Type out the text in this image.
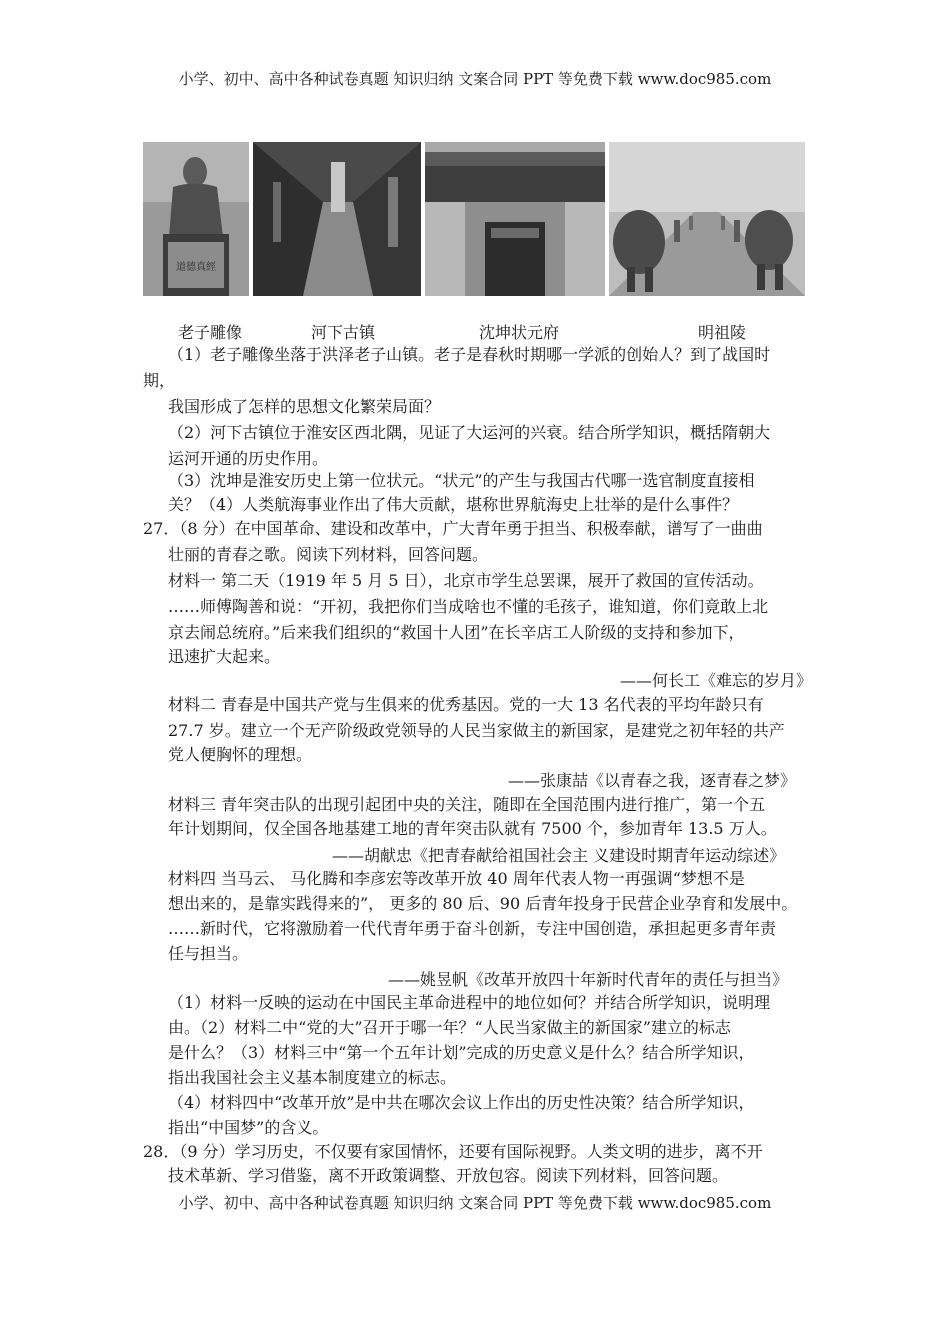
小学、初中、高中各种试卷真题 知识归纳 文案合同 PPT 等免费下载 www.doc985.com
道德真經
老子雕像	河下古镇	沈坤状元府	明祖陵
（1）老子雕像坐落于洪泽老子山镇。老子是春秋时期哪一学派的创始人？到了战国时
期，
我国形成了怎样的思想文化繁荣局面？
（2）河下古镇位于淮安区西北隅，见证了大运河的兴衰。结合所学知识，概括隋朝大
运河开通的历史作用。
（3）沈坤是淮安历史上第一位状元。“状元”的产生与我国古代哪一选官制度直接相
关？（4）人类航海事业作出了伟大贡献，堪称世界航海史上壮举的是什么事件？
27．（8 分）在中国革命、建设和改革中，广大青年勇于担当、积极奉献，谱写了一曲曲
壮丽的青春之歌。阅读下列材料，回答问题。
材料一 第二天（1919 年 5 月 5 日），北京市学生总罢课，展开了救国的宣传活动。
……师傅陶善和说：“开初，我把你们当成啥也不懂的毛孩子，谁知道，你们竟敢上北
京去闹总统府。”后来我们组织的“救国十人团”在长辛店工人阶级的支持和参加下，
迅速扩大起来。
——何长工《难忘的岁月》
材料二 青春是中国共产党与生俱来的优秀基因。党的一大 13 名代表的平均年龄只有
27.7 岁。建立一个无产阶级政党领导的人民当家做主的新国家，是建党之初年轻的共产
党人便胸怀的理想。
——张康喆《以青春之我，逐青春之梦》
材料三 青年突击队的出现引起团中央的关注，随即在全国范围内进行推广，第一个五
年计划期间，仅全国各地基建工地的青年突击队就有 7500 个，参加青年 13.5 万人。
——胡献忠《把青春献给祖国社会主 义建设时期青年运动综述》
材料四 当马云、 马化腾和李彦宏等改革开放 40 周年代表人物一再强调“梦想不是
想出来的，是靠实践得来的”， 更多的 80 后、90 后青年投身于民营企业孕育和发展中。
……新时代，它将激励着一代代青年勇于奋斗创新，专注中国创造，承担起更多青年责
任与担当。
——姚昱帆《改革开放四十年新时代青年的责任与担当》
（1）材料一反映的运动在中国民主革命进程中的地位如何？并结合所学知识，说明理
由。（2）材料二中“党的大”召开于哪一年？“人民当家做主的新国家”建立的标志
是什么？（3）材料三中“第一个五年计划”完成的历史意义是什么？结合所学知识，
指出我国社会主义基本制度建立的标志。
（4）材料四中“改革开放”是中共在哪次会议上作出的历史性决策？结合所学知识，
指出“中国梦”的含义。
28．（9 分）学习历史，不仅要有家国情怀，还要有国际视野。人类文明的进步，离不开
技术革新、学习借鉴，离不开政策调整、开放包容。阅读下列材料，回答问题。
小学、初中、高中各种试卷真题 知识归纳 文案合同 PPT 等免费下载 www.doc985.com
